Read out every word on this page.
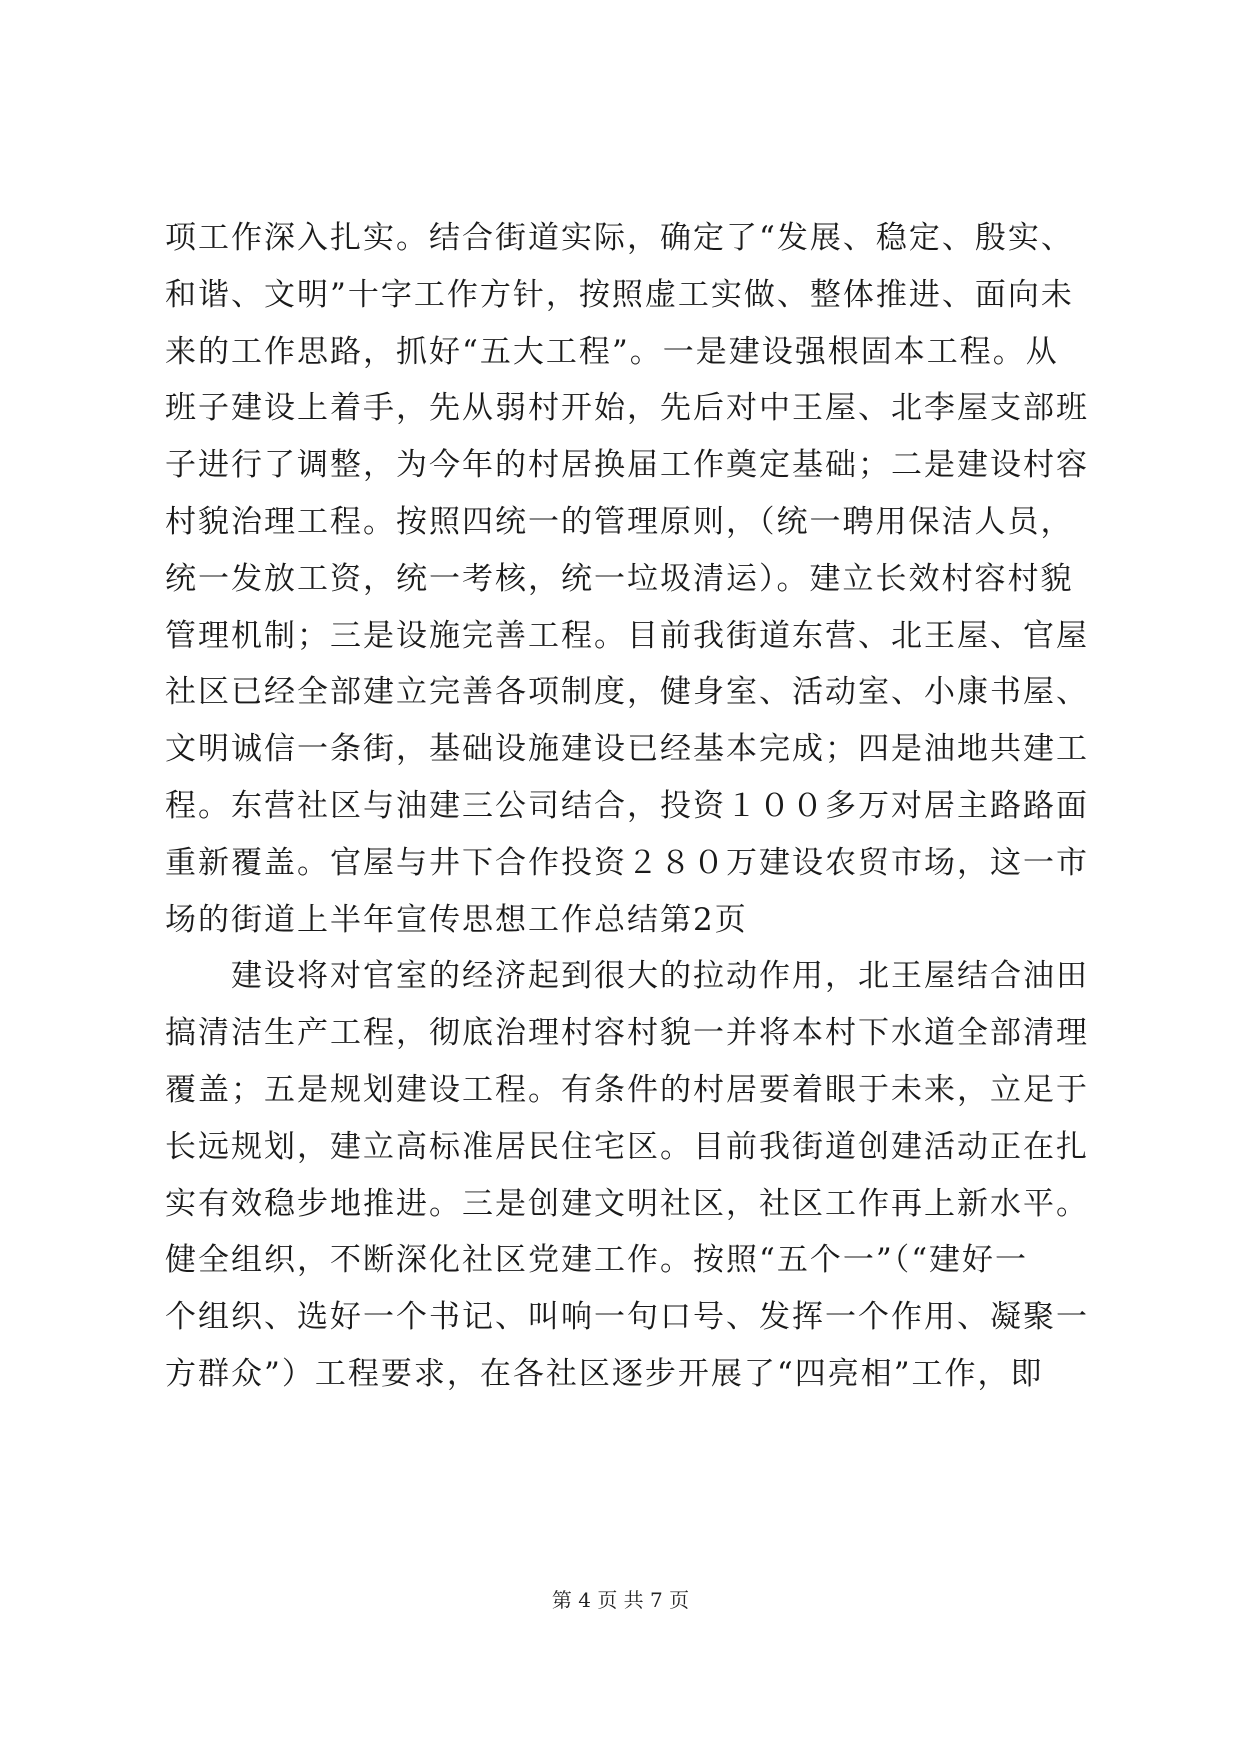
项工作深入扎实。结合街道实际，确定了“发展、稳定、殷实、
和谐、文明”十字工作方针，按照虚工实做、整体推进、面向未
来的工作思路，抓好“五大工程”。一是建设强根固本工程。从
班子建设上着手，先从弱村开始，先后对中王屋、北李屋支部班
子进行了调整，为今年的村居换届工作奠定基础；二是建设村容
村貌治理工程。按照四统一的管理原则，（统一聘用保洁人员，
统一发放工资，统一考核，统一垃圾清运）。建立长效村容村貌
管理机制；三是设施完善工程。目前我街道东营、北王屋、官屋
社区已经全部建立完善各项制度，健身室、活动室、小康书屋、
文明诚信一条街，基础设施建设已经基本完成；四是油地共建工
程。东营社区与油建三公司结合，投资１００多万对居主路路面
重新覆盖。官屋与井下合作投资２８０万建设农贸市场，这一市
场的街道上半年宣传思想工作总结第2页
　　建设将对官室的经济起到很大的拉动作用，北王屋结合油田
搞清洁生产工程，彻底治理村容村貌一并将本村下水道全部清理
覆盖；五是规划建设工程。有条件的村居要着眼于未来，立足于
长远规划，建立高标准居民住宅区。目前我街道创建活动正在扎
实有效稳步地推进。三是创建文明社区，社区工作再上新水平。
健全组织，不断深化社区党建工作。按照“五个一”（“建好一
个组织、选好一个书记、叫响一句口号、发挥一个作用、凝聚一
方群众”）工程要求，在各社区逐步开展了“四亮相”工作，即
第 4 页 共 7 页
